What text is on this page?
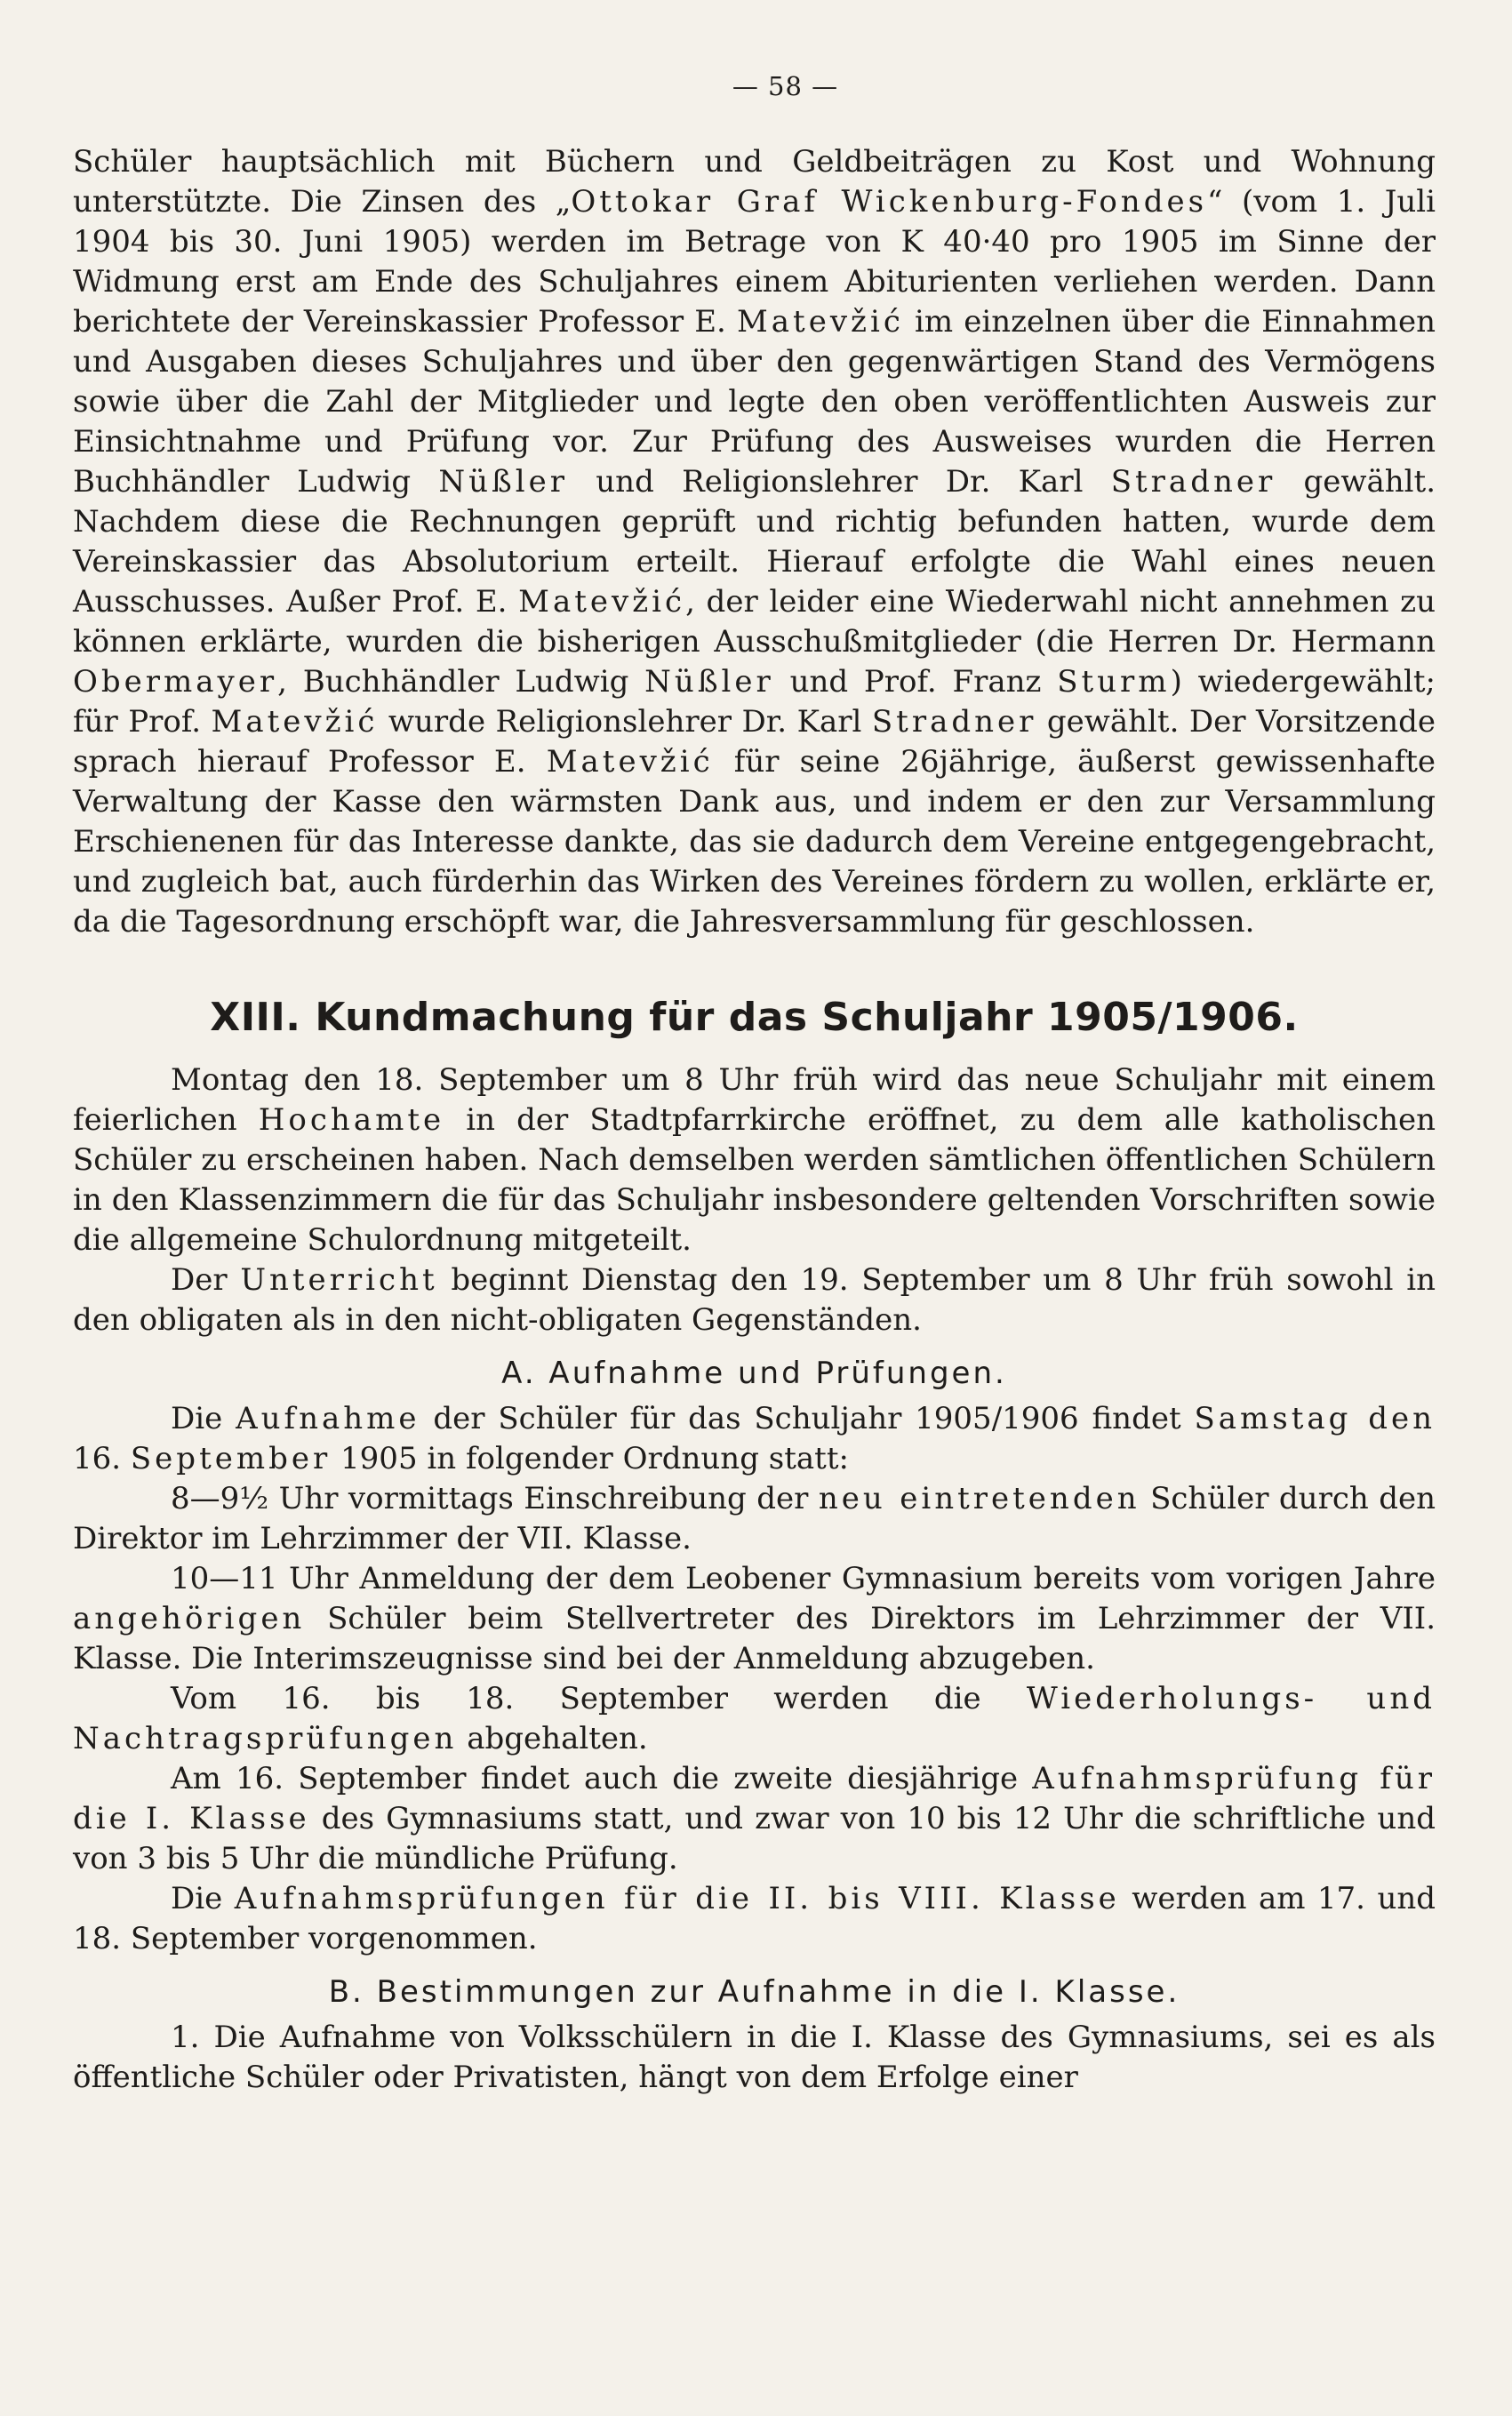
— 58 —

Schüler hauptsächlich mit Büchern und Geldbeiträgen zu Kost und Wohnung unterstützte. Die Zinsen des „Ottokar Graf Wickenburg-Fondes“ (vom 1. Juli 1904 bis 30. Juni 1905) werden im Betrage von K 40·40 pro 1905 im Sinne der Widmung erst am Ende des Schuljahres einem Abiturienten verliehen werden. Dann berichtete der Vereinskassier Professor E. Matevžić im einzelnen über die Einnahmen und Ausgaben dieses Schuljahres und über den gegenwärtigen Stand des Vermögens sowie über die Zahl der Mitglieder und legte den oben veröffentlichten Ausweis zur Einsichtnahme und Prüfung vor. Zur Prüfung des Ausweises wurden die Herren Buchhändler Ludwig Nüßler und Religionslehrer Dr. Karl Stradner gewählt. Nachdem diese die Rechnungen geprüft und richtig befunden hatten, wurde dem Vereinskassier das Absolutorium erteilt. Hierauf erfolgte die Wahl eines neuen Ausschusses. Außer Prof. E. Matevžić, der leider eine Wiederwahl nicht annehmen zu können erklärte, wurden die bisherigen Ausschußmitglieder (die Herren Dr. Hermann Obermayer, Buchhändler Ludwig Nüßler und Prof. Franz Sturm) wiedergewählt; für Prof. Matevžić wurde Religionslehrer Dr. Karl Stradner gewählt. Der Vorsitzende sprach hierauf Professor E. Matevžić für seine 26jährige, äußerst gewissenhafte Verwaltung der Kasse den wärmsten Dank aus, und indem er den zur Versammlung Erschienenen für das Interesse dankte, das sie dadurch dem Vereine entgegengebracht, und zugleich bat, auch fürderhin das Wirken des Vereines fördern zu wollen, erklärte er, da die Tagesordnung erschöpft war, die Jahresversammlung für geschlossen.

XIII. Kundmachung für das Schuljahr 1905/1906.

Montag den 18. September um 8 Uhr früh wird das neue Schuljahr mit einem feierlichen Hochamte in der Stadtpfarrkirche eröffnet, zu dem alle katholischen Schüler zu erscheinen haben. Nach demselben werden sämtlichen öffentlichen Schülern in den Klassenzimmern die für das Schuljahr insbesondere geltenden Vorschriften sowie die allgemeine Schulordnung mitgeteilt.

Der Unterricht beginnt Dienstag den 19. September um 8 Uhr früh sowohl in den obligaten als in den nicht-obligaten Gegenständen.

A. Aufnahme und Prüfungen.

Die Aufnahme der Schüler für das Schuljahr 1905/1906 findet Samstag den 16. September 1905 in folgender Ordnung statt:

8—9½ Uhr vormittags Einschreibung der neu eintretenden Schüler durch den Direktor im Lehrzimmer der VII. Klasse.

10—11 Uhr Anmeldung der dem Leobener Gymnasium bereits vom vorigen Jahre angehörigen Schüler beim Stellvertreter des Direktors im Lehrzimmer der VII. Klasse. Die Interimszeugnisse sind bei der Anmeldung abzugeben.

Vom 16. bis 18. September werden die Wiederholungs- und Nachtragsprüfungen abgehalten.

Am 16. September findet auch die zweite diesjährige Aufnahmsprüfung für die I. Klasse des Gymnasiums statt, und zwar von 10 bis 12 Uhr die schriftliche und von 3 bis 5 Uhr die mündliche Prüfung.

Die Aufnahmsprüfungen für die II. bis VIII. Klasse werden am 17. und 18. September vorgenommen.

B. Bestimmungen zur Aufnahme in die I. Klasse.

1. Die Aufnahme von Volksschülern in die I. Klasse des Gymnasiums, sei es als öffentliche Schüler oder Privatisten, hängt von dem Erfolge einer
